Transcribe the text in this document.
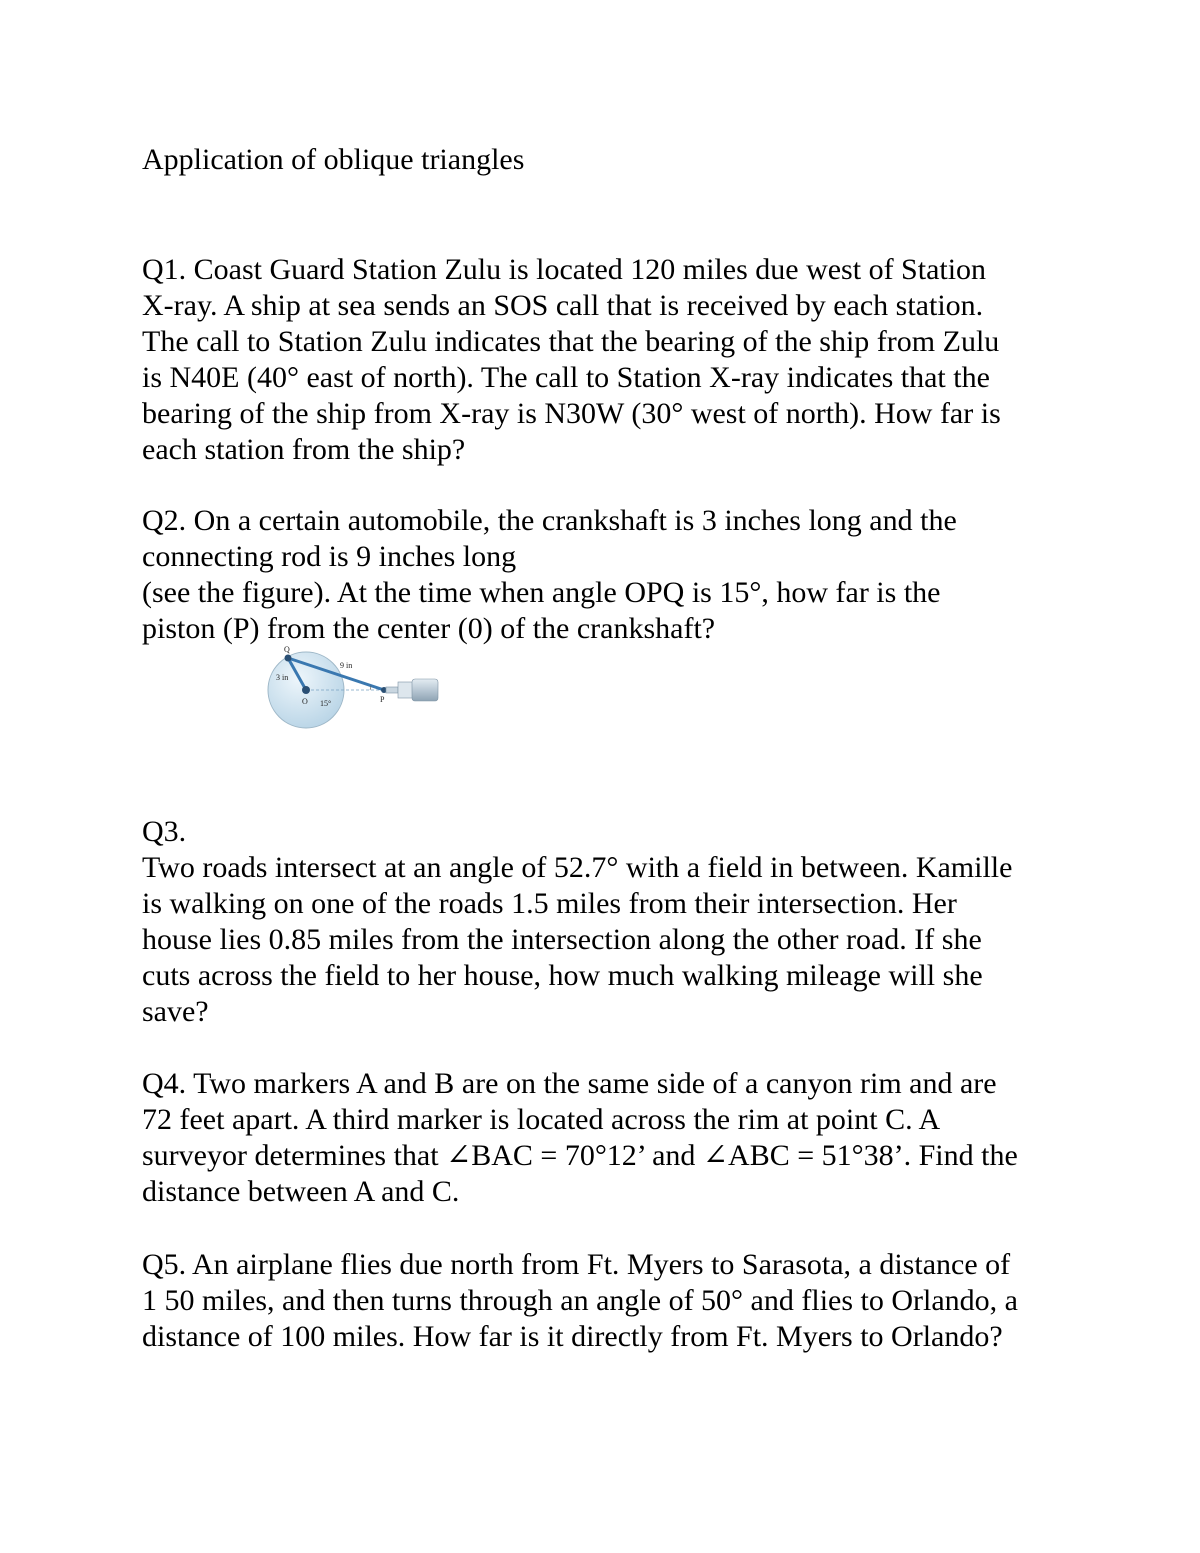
Application of oblique triangles
Q1. Coast Guard Station Zulu is located 120 miles due west of Station
X-ray. A ship at sea sends an SOS call that is received by each station.
The call to Station Zulu indicates that the bearing of the ship from Zulu
is N40E (40° east of north). The call to Station X-ray indicates that the
bearing of the ship from X-ray is N30W (30° west of north). How far is
each station from the ship?
Q2. On a certain automobile, the crankshaft is 3 inches long and the
connecting rod is 9 inches long
(see the figure). At the time when angle OPQ is 15°, how far is the
piston (P) from the center (0) of the crankshaft?
Q
3 in
9 in
O 15°	P
Q3.
Two roads intersect at an angle of 52.7° with a field in between. Kamille
is walking on one of the roads 1.5 miles from their intersection. Her
house lies 0.85 miles from the intersection along the other road. If she
cuts across the field to her house, how much walking mileage will she
save?
Q4. Two markers A and B are on the same side of a canyon rim and are
72 feet apart. A third marker is located across the rim at point C. A
surveyor determines that ∠BAC = 70°12’ and ∠ABC = 51°38’. Find the
distance between A and C.
Q5. An airplane flies due north from Ft. Myers to Sarasota, a distance of
1 50 miles, and then turns through an angle of 50° and flies to Orlando, a
distance of 100 miles. How far is it directly from Ft. Myers to Orlando?
